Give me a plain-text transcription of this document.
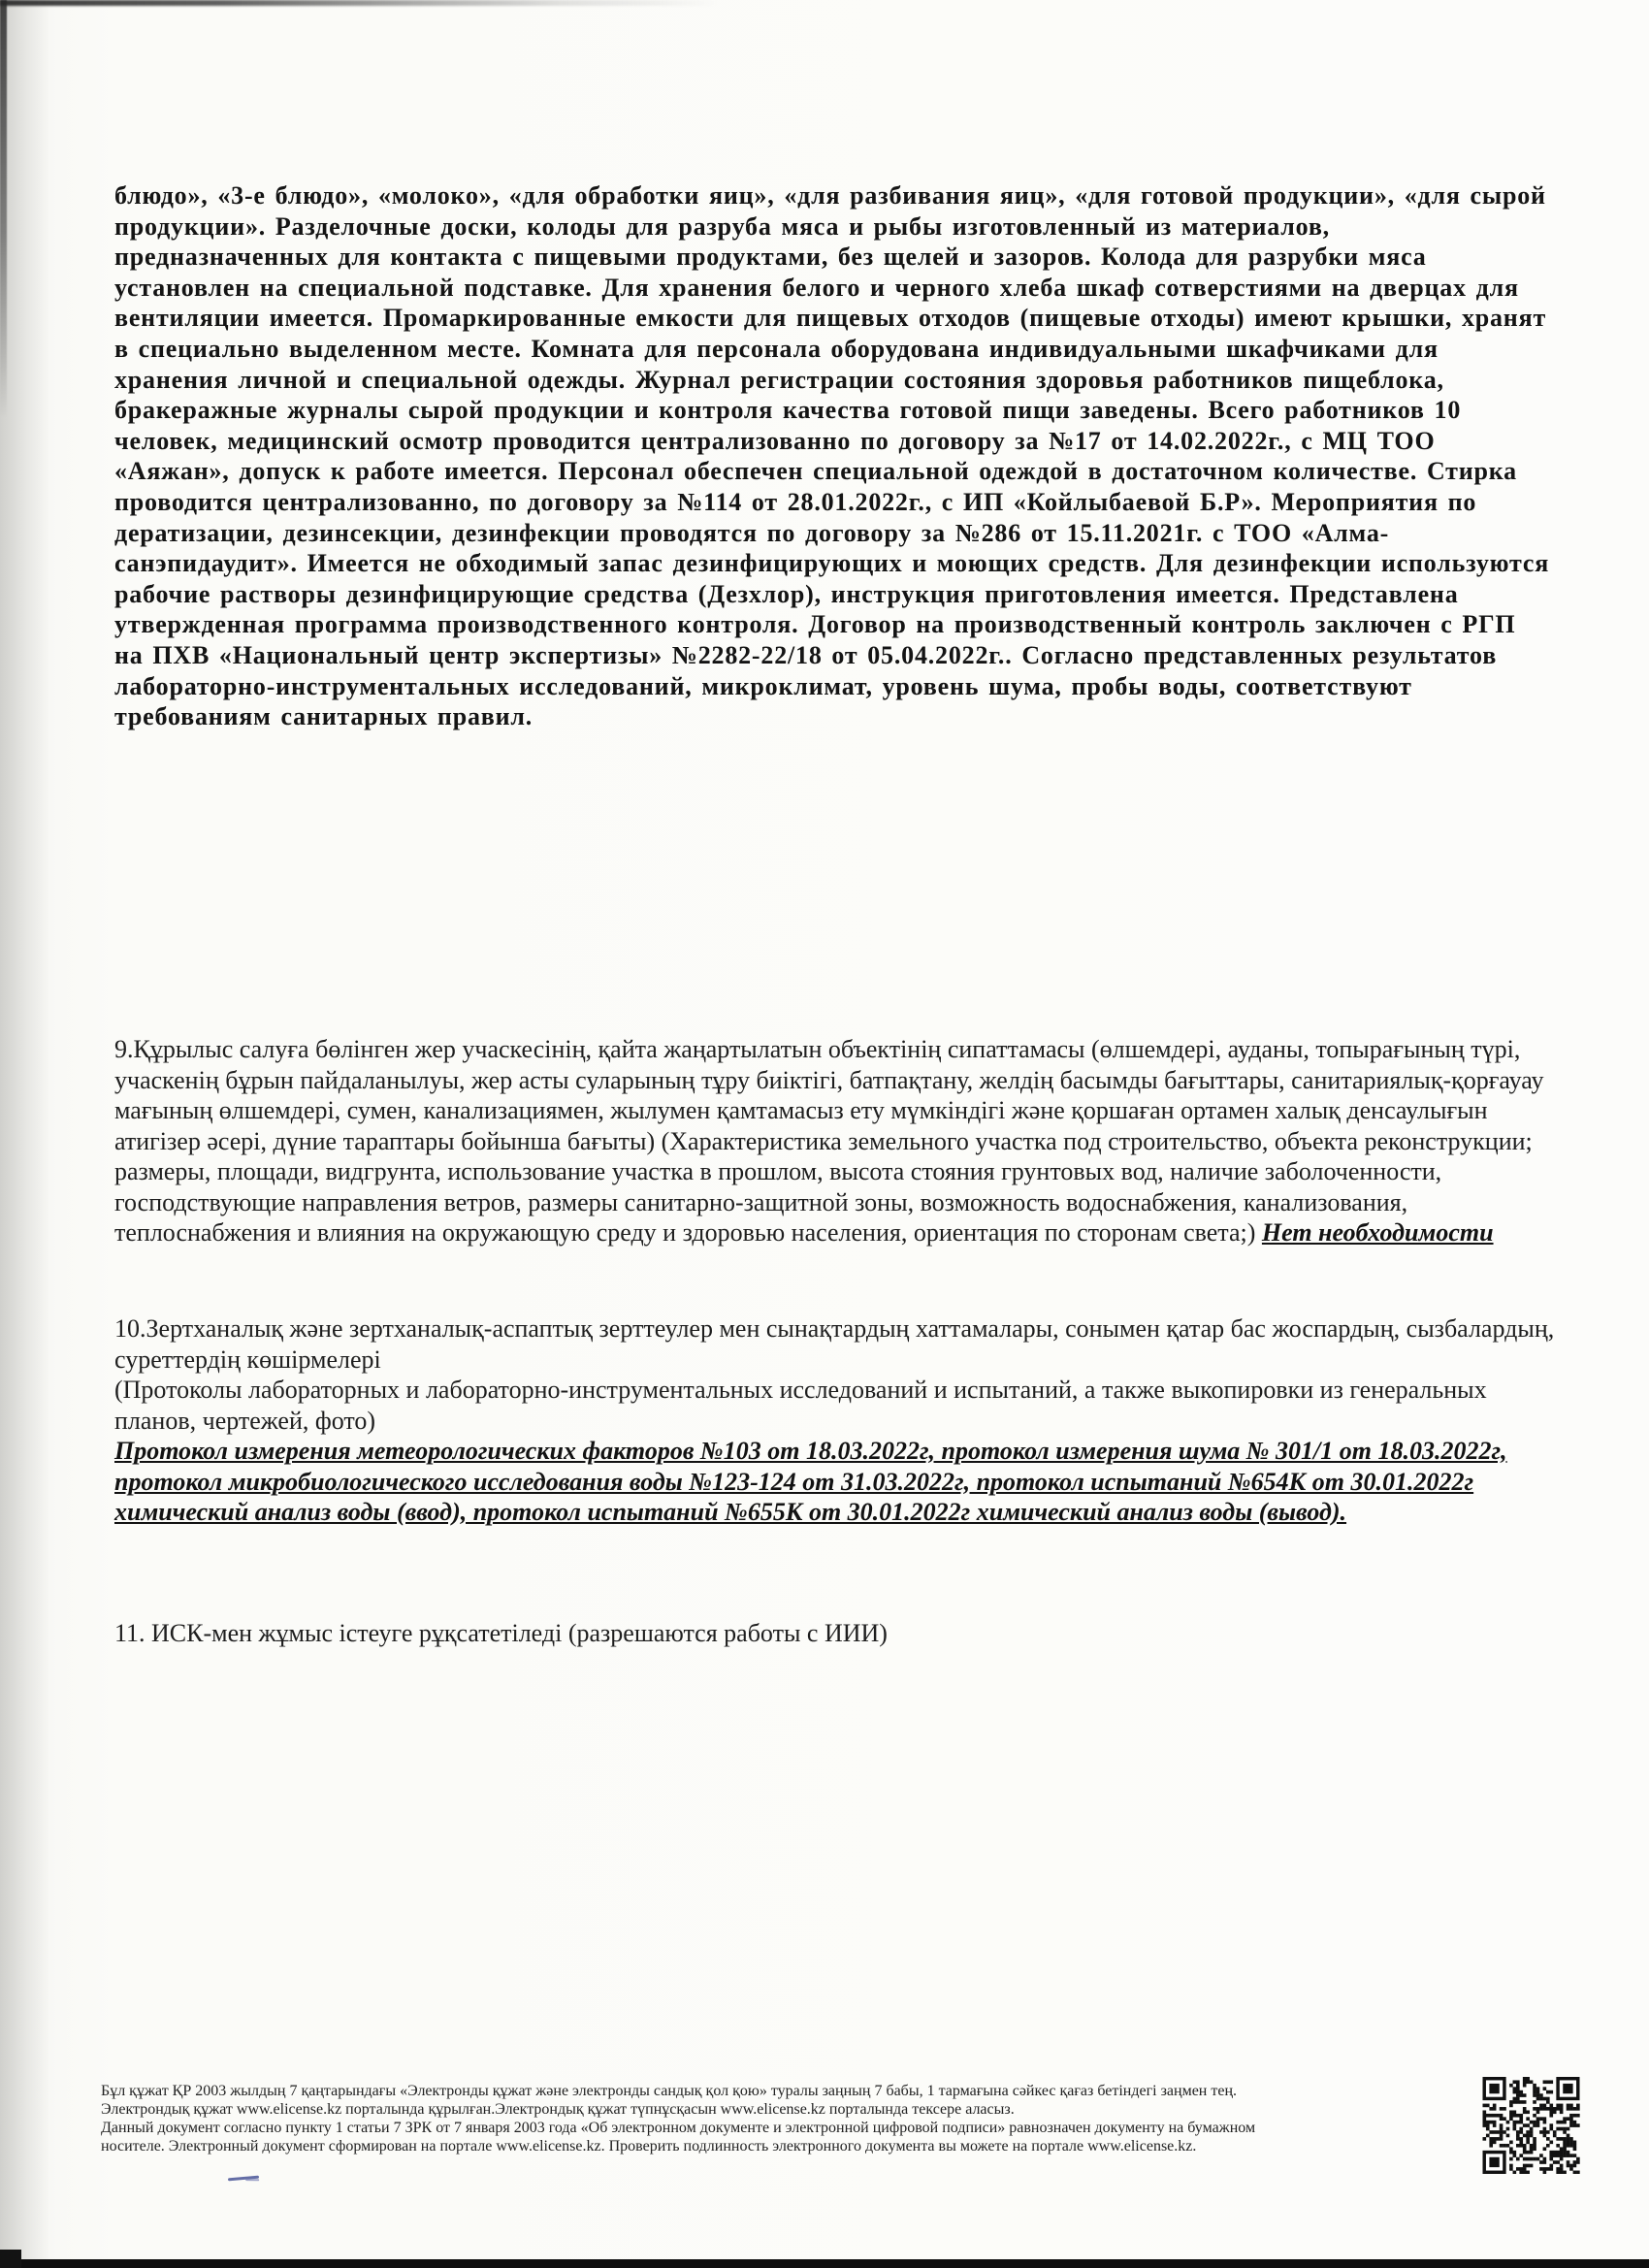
блюдо», «3-е блюдо», «молоко», «для обработки яиц», «для разбивания яиц», «для готовой продукции», «для сырой продукции». Разделочные доски, колоды для разруба мяса и рыбы изготовленный из материалов, предназначенных для контакта с пищевыми продуктами, без щелей и зазоров. Колода для разрубки мяса установлен на специальной подставке. Для хранения белого и черного хлеба шкаф сотверстиями на дверцах для вентиляции имеется. Промаркированные емкости для пищевых отходов (пищевые отходы) имеют крышки, хранят в специально выделенном месте. Комната для персонала оборудована индивидуальными шкафчиками для хранения личной и специальной одежды. Журнал регистрации состояния здоровья работников пищеблока, бракеражные журналы сырой продукции и контроля качества готовой пищи заведены. Всего работников 10 человек, медицинский осмотр проводится централизованно по договору за №17 от 14.02.2022г., с МЦ ТОО «Аяжан», допуск к работе имеется. Персонал обеспечен специальной одеждой в достаточном количестве. Стирка проводится централизованно, по договору за №114 от 28.01.2022г., с ИП «Койлыбаевой Б.Р». Мероприятия по дератизации, дезинсекции, дезинфекции проводятся по договору за №286 от 15.11.2021г. с ТОО «Алма-санэпидаудит». Имеется не обходимый запас дезинфицирующих и моющих средств. Для дезинфекции используются рабочие растворы дезинфицирующие средства (Дезхлор), инструкция приготовления имеется. Представлена утвержденная программа производственного контроля. Договор на производственный контроль заключен с РГП на ПХВ «Национальный центр экспертизы» №2282-22/18 от 05.04.2022г.. Согласно представленных результатов лабораторно-инструментальных исследований, микроклимат, уровень шума, пробы воды, соответствуют требованиям санитарных правил.

9.Құрылыс салуға бөлінген жер учаскесінің, қайта жаңартылатын объектінің сипаттамасы (өлшемдері, ауданы, топырағының түрі, учаскенің бұрын пайдаланылуы, жер асты суларының тұру биіктігі, батпақтану, желдің басымды бағыттары, санитариялық-қорғауау мағының өлшемдері, сумен, канализациямен, жылумен қамтамасыз ету мүмкіндігі және қоршаған ортамен халық денсаулығын атигізер әсері, дүние тараптары бойынша бағыты) (Характеристика земельного участка под строительство, объекта реконструкции; размеры, площади, видгрунта, использование участка в прошлом, высота стояния грунтовых вод, наличие заболоченности, господствующие направления ветров, размеры санитарно-защитной зоны, возможность водоснабжения, канализования, теплоснабжения и влияния на окружающую среду и здоровью населения, ориентация по сторонам света;) Нет необходимости

10.Зертханалық және зертханалық-аспаптық зерттеулер мен сынақтардың хаттамалары, сонымен қатар бас жоспардың, сызбалардың, суреттердің көшірмелері
(Протоколы лабораторных и лабораторно-инструментальных исследований и испытаний, а также выкопировки из генеральных планов, чертежей, фото)
Протокол измерения метеорологических факторов №103 от 18.03.2022г, протокол измерения шума № 301/1 от 18.03.2022г, протокол микробиологического исследования воды №123-124 от 31.03.2022г, протокол испытаний №654К от 30.01.2022г химический анализ воды (ввод), протокол испытаний №655К от 30.01.2022г химический анализ воды (вывод).

11. ИСК-мен жұмыс істеуге рұқсатетіледі (разрешаются работы с ИИИ)

Бұл құжат ҚР 2003 жылдың 7 қаңтарындағы «Электронды құжат және электронды сандық қол қою» туралы заңның 7 бабы, 1 тармағына сәйкес қағаз бетіндегі заңмен тең.
Электрондық құжат www.elicense.kz порталында құрылған.Электрондық құжат түпнұсқасын www.elicense.kz порталында тексере аласыз.
Данный документ согласно пункту 1 статьи 7 ЗРК от 7 января 2003 года «Об электронном документе и электронной цифровой подписи» равнозначен документу на бумажном
носителе. Электронный документ сформирован на портале www.elicense.kz. Проверить подлинность электронного документа вы можете на портале www.elicense.kz.
